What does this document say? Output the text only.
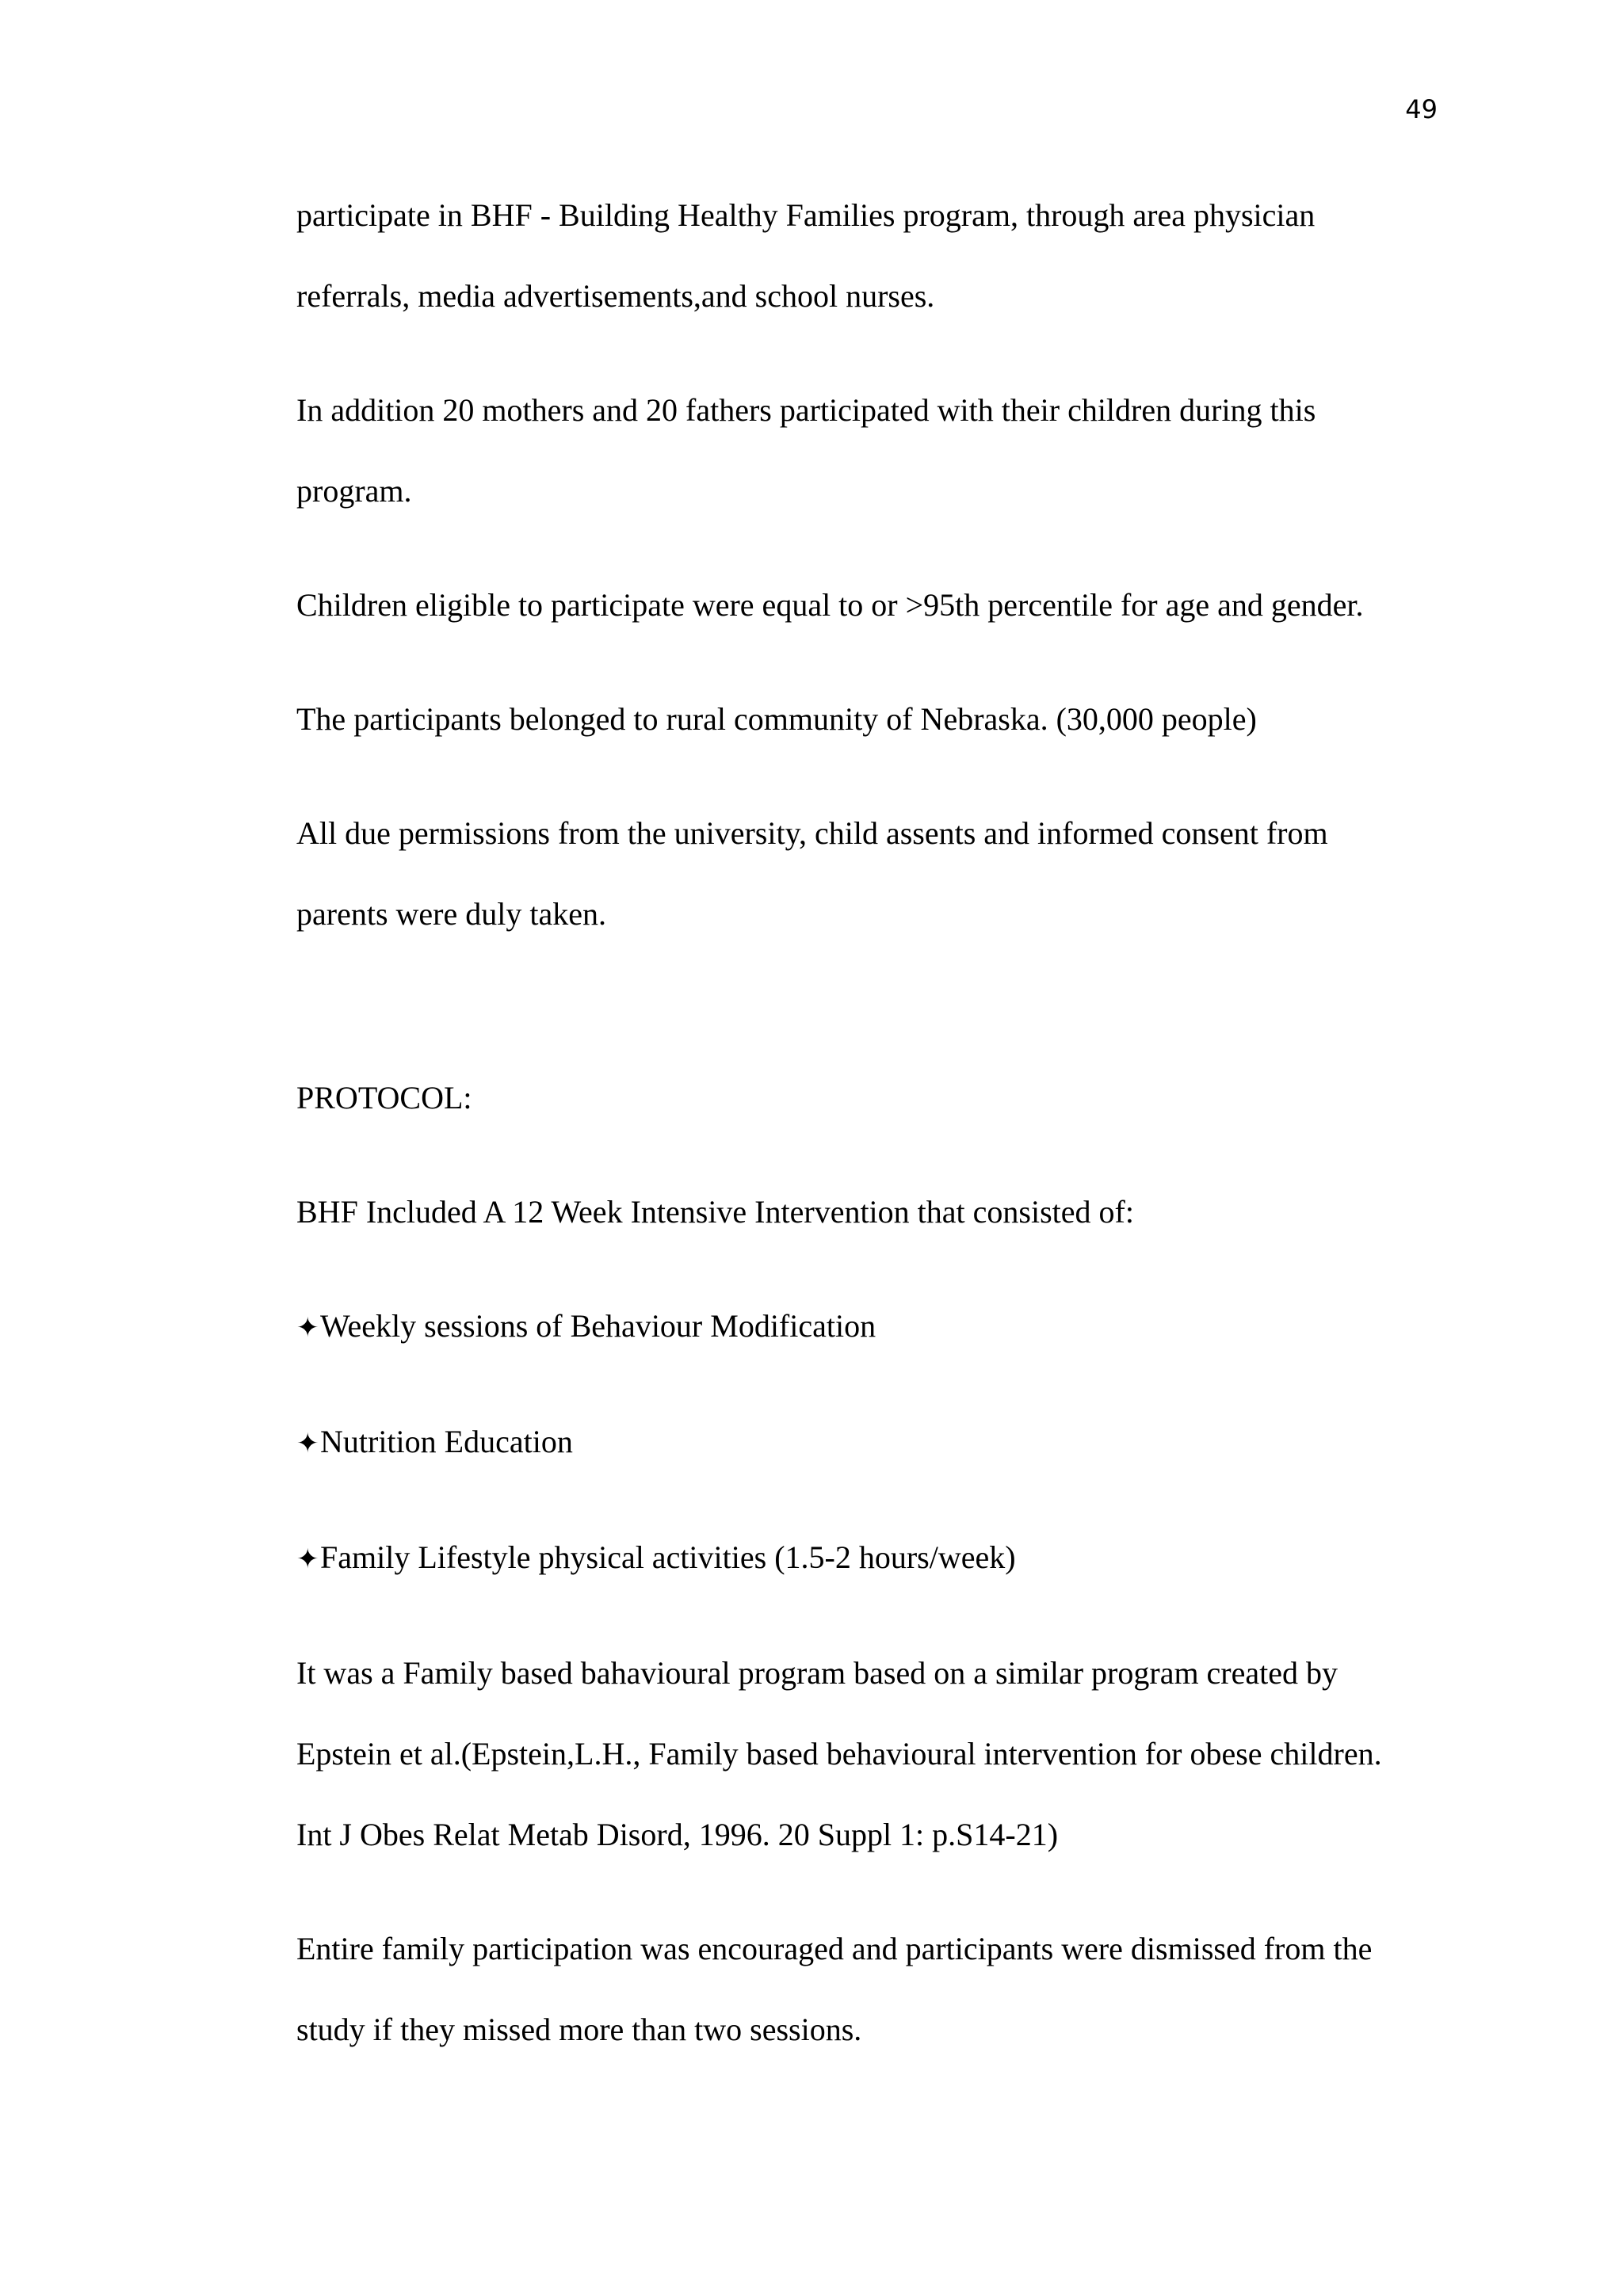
49
participate in BHF - Building Healthy Families program, through area physician
referrals, media advertisements,and school nurses.
In addition 20 mothers and 20 fathers participated with their children during this
program.
Children eligible to participate were equal to or >95th percentile for age and gender.
The participants belonged to rural community of Nebraska. (30,000 people)
All due permissions from the university, child assents and informed consent from
parents were duly taken.
PROTOCOL:
BHF Included A 12 Week Intensive Intervention that consisted of:
✦Weekly sessions of Behaviour Modification
✦Nutrition Education
✦Family Lifestyle physical activities (1.5-2 hours/week)
It was a Family based bahavioural program based on a similar program created by
Epstein et al.(Epstein,L.H., Family based behavioural intervention for obese children.
Int J Obes Relat Metab Disord, 1996. 20 Suppl 1: p.S14-21)
Entire family participation was encouraged and participants were dismissed from the
study if they missed more than two sessions.
